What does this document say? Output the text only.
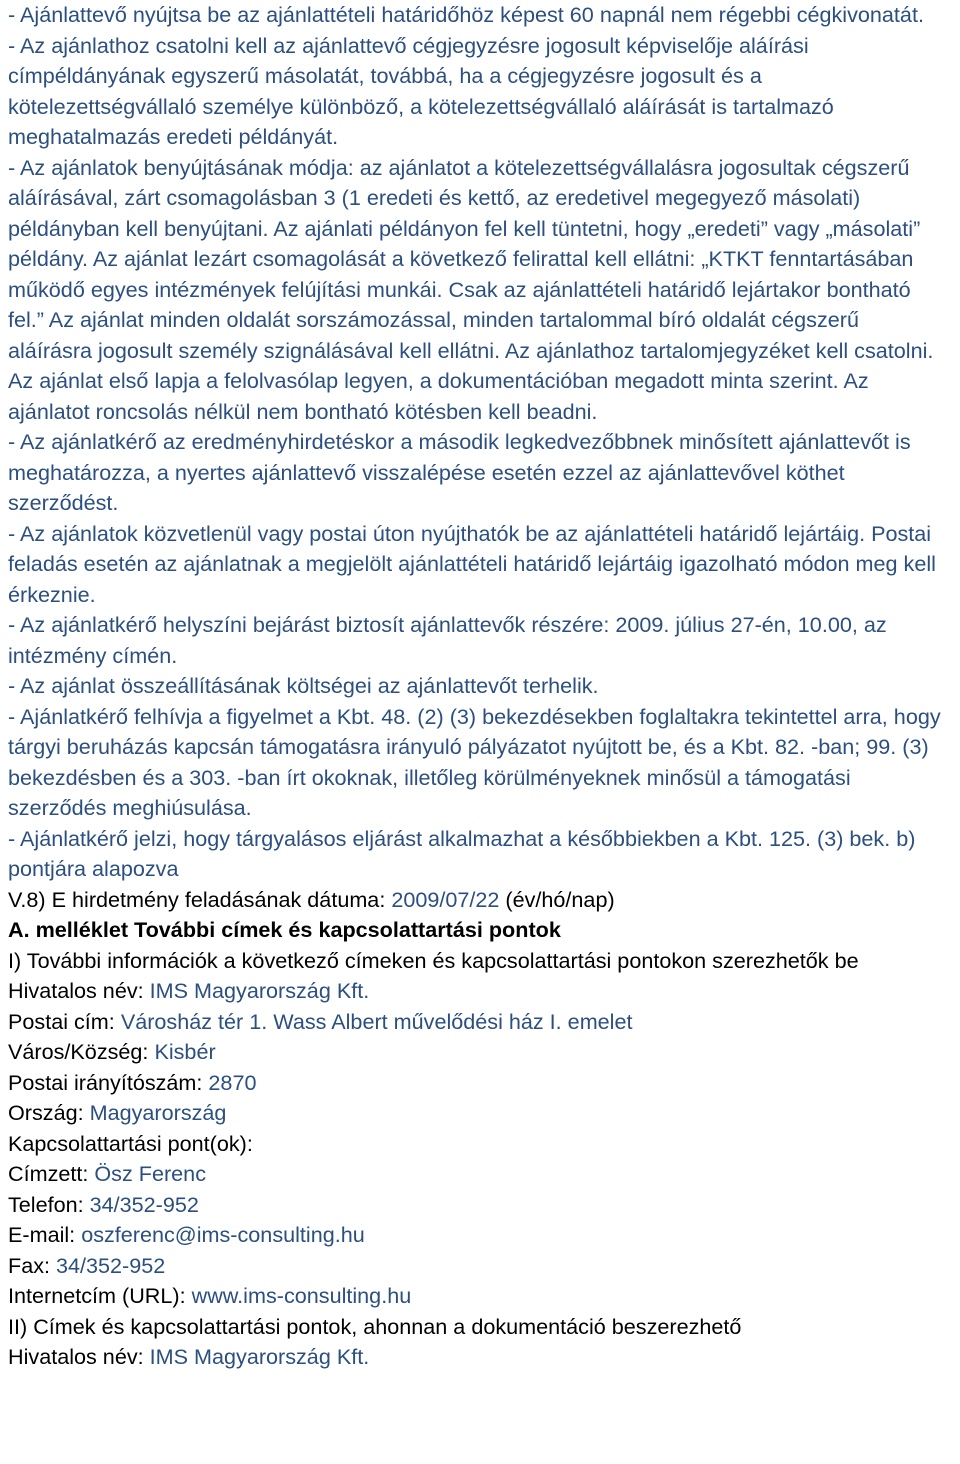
- Ajánlattevő nyújtsa be az ajánlattételi határidőhöz képest 60 napnál nem régebbi cégkivonatát.

- Az ajánlathoz csatolni kell az ajánlattevő cégjegyzésre jogosult képviselője aláírási címpéldányának egyszerű másolatát, továbbá, ha a cégjegyzésre jogosult és a kötelezettségvállaló személye különböző, a kötelezettségvállaló aláírását is tartalmazó meghatalmazás eredeti példányát.

- Az ajánlatok benyújtásának módja: az ajánlatot a kötelezettségvállalásra jogosultak cégszerű aláírásával, zárt csomagolásban 3 (1 eredeti és kettő, az eredetivel megegyező másolati) példányban kell benyújtani. Az ajánlati példányon fel kell tüntetni, hogy „eredeti” vagy „másolati” példány. Az ajánlat lezárt csomagolását a következő felirattal kell ellátni: „KTKT fenntartásában működő egyes intézmények felújítási munkái. Csak az ajánlattételi határidő lejártakor bontható fel.” Az ajánlat minden oldalát sorszámozással, minden tartalommal bíró oldalát cégszerű aláírásra jogosult személy szignálásával kell ellátni. Az ajánlathoz tartalomjegyzéket kell csatolni. Az ajánlat első lapja a felolvasólap legyen, a dokumentációban megadott minta szerint. Az ajánlatot roncsolás nélkül nem bontható kötésben kell beadni.

- Az ajánlatkérő az eredményhirdetéskor a második legkedvezőbbnek minősített ajánlattevőt is meghatározza, a nyertes ajánlattevő visszalépése esetén ezzel az ajánlattevővel köthet szerződést.

- Az ajánlatok közvetlenül vagy postai úton nyújthatók be az ajánlattételi határidő lejártáig. Postai feladás esetén az ajánlatnak a megjelölt ajánlattételi határidő lejártáig igazolható módon meg kell érkeznie.

- Az ajánlatkérő helyszíni bejárást biztosít ajánlattevők részére: 2009. július 27-én, 10.00, az intézmény címén.

- Az ajánlat összeállításának költségei az ajánlattevőt terhelik.

- Ajánlatkérő felhívja a figyelmet a Kbt. 48. (2) (3) bekezdésekben foglaltakra tekintettel arra, hogy tárgyi beruházás kapcsán támogatásra irányuló pályázatot nyújtott be, és a Kbt. 82. -ban; 99. (3) bekezdésben és a 303. -ban írt okoknak, illetőleg körülményeknek minősül a támogatási szerződés meghiúsulása.

- Ajánlatkérő jelzi, hogy tárgyalásos eljárást alkalmazhat a későbbiekben a Kbt. 125. (3) bek. b) pontjára alapozva

V.8) E hirdetmény feladásának dátuma: 2009/07/22 (év/hó/nap)

A. melléklet További címek és kapcsolattartási pontok

I) További információk a következő címeken és kapcsolattartási pontokon szerezhetők be

Hivatalos név: IMS Magyarország Kft.

Postai cím: Városház tér 1. Wass Albert művelődési ház I. emelet

Város/Község: Kisbér

Postai irányítószám: 2870

Ország: Magyarország

Kapcsolattartási pont(ok):

Címzett: Ösz Ferenc

Telefon: 34/352-952

E-mail: oszferenc@ims-consulting.hu

Fax: 34/352-952

Internetcím (URL): www.ims-consulting.hu

II) Címek és kapcsolattartási pontok, ahonnan a dokumentáció beszerezhető

Hivatalos név: IMS Magyarország Kft.
